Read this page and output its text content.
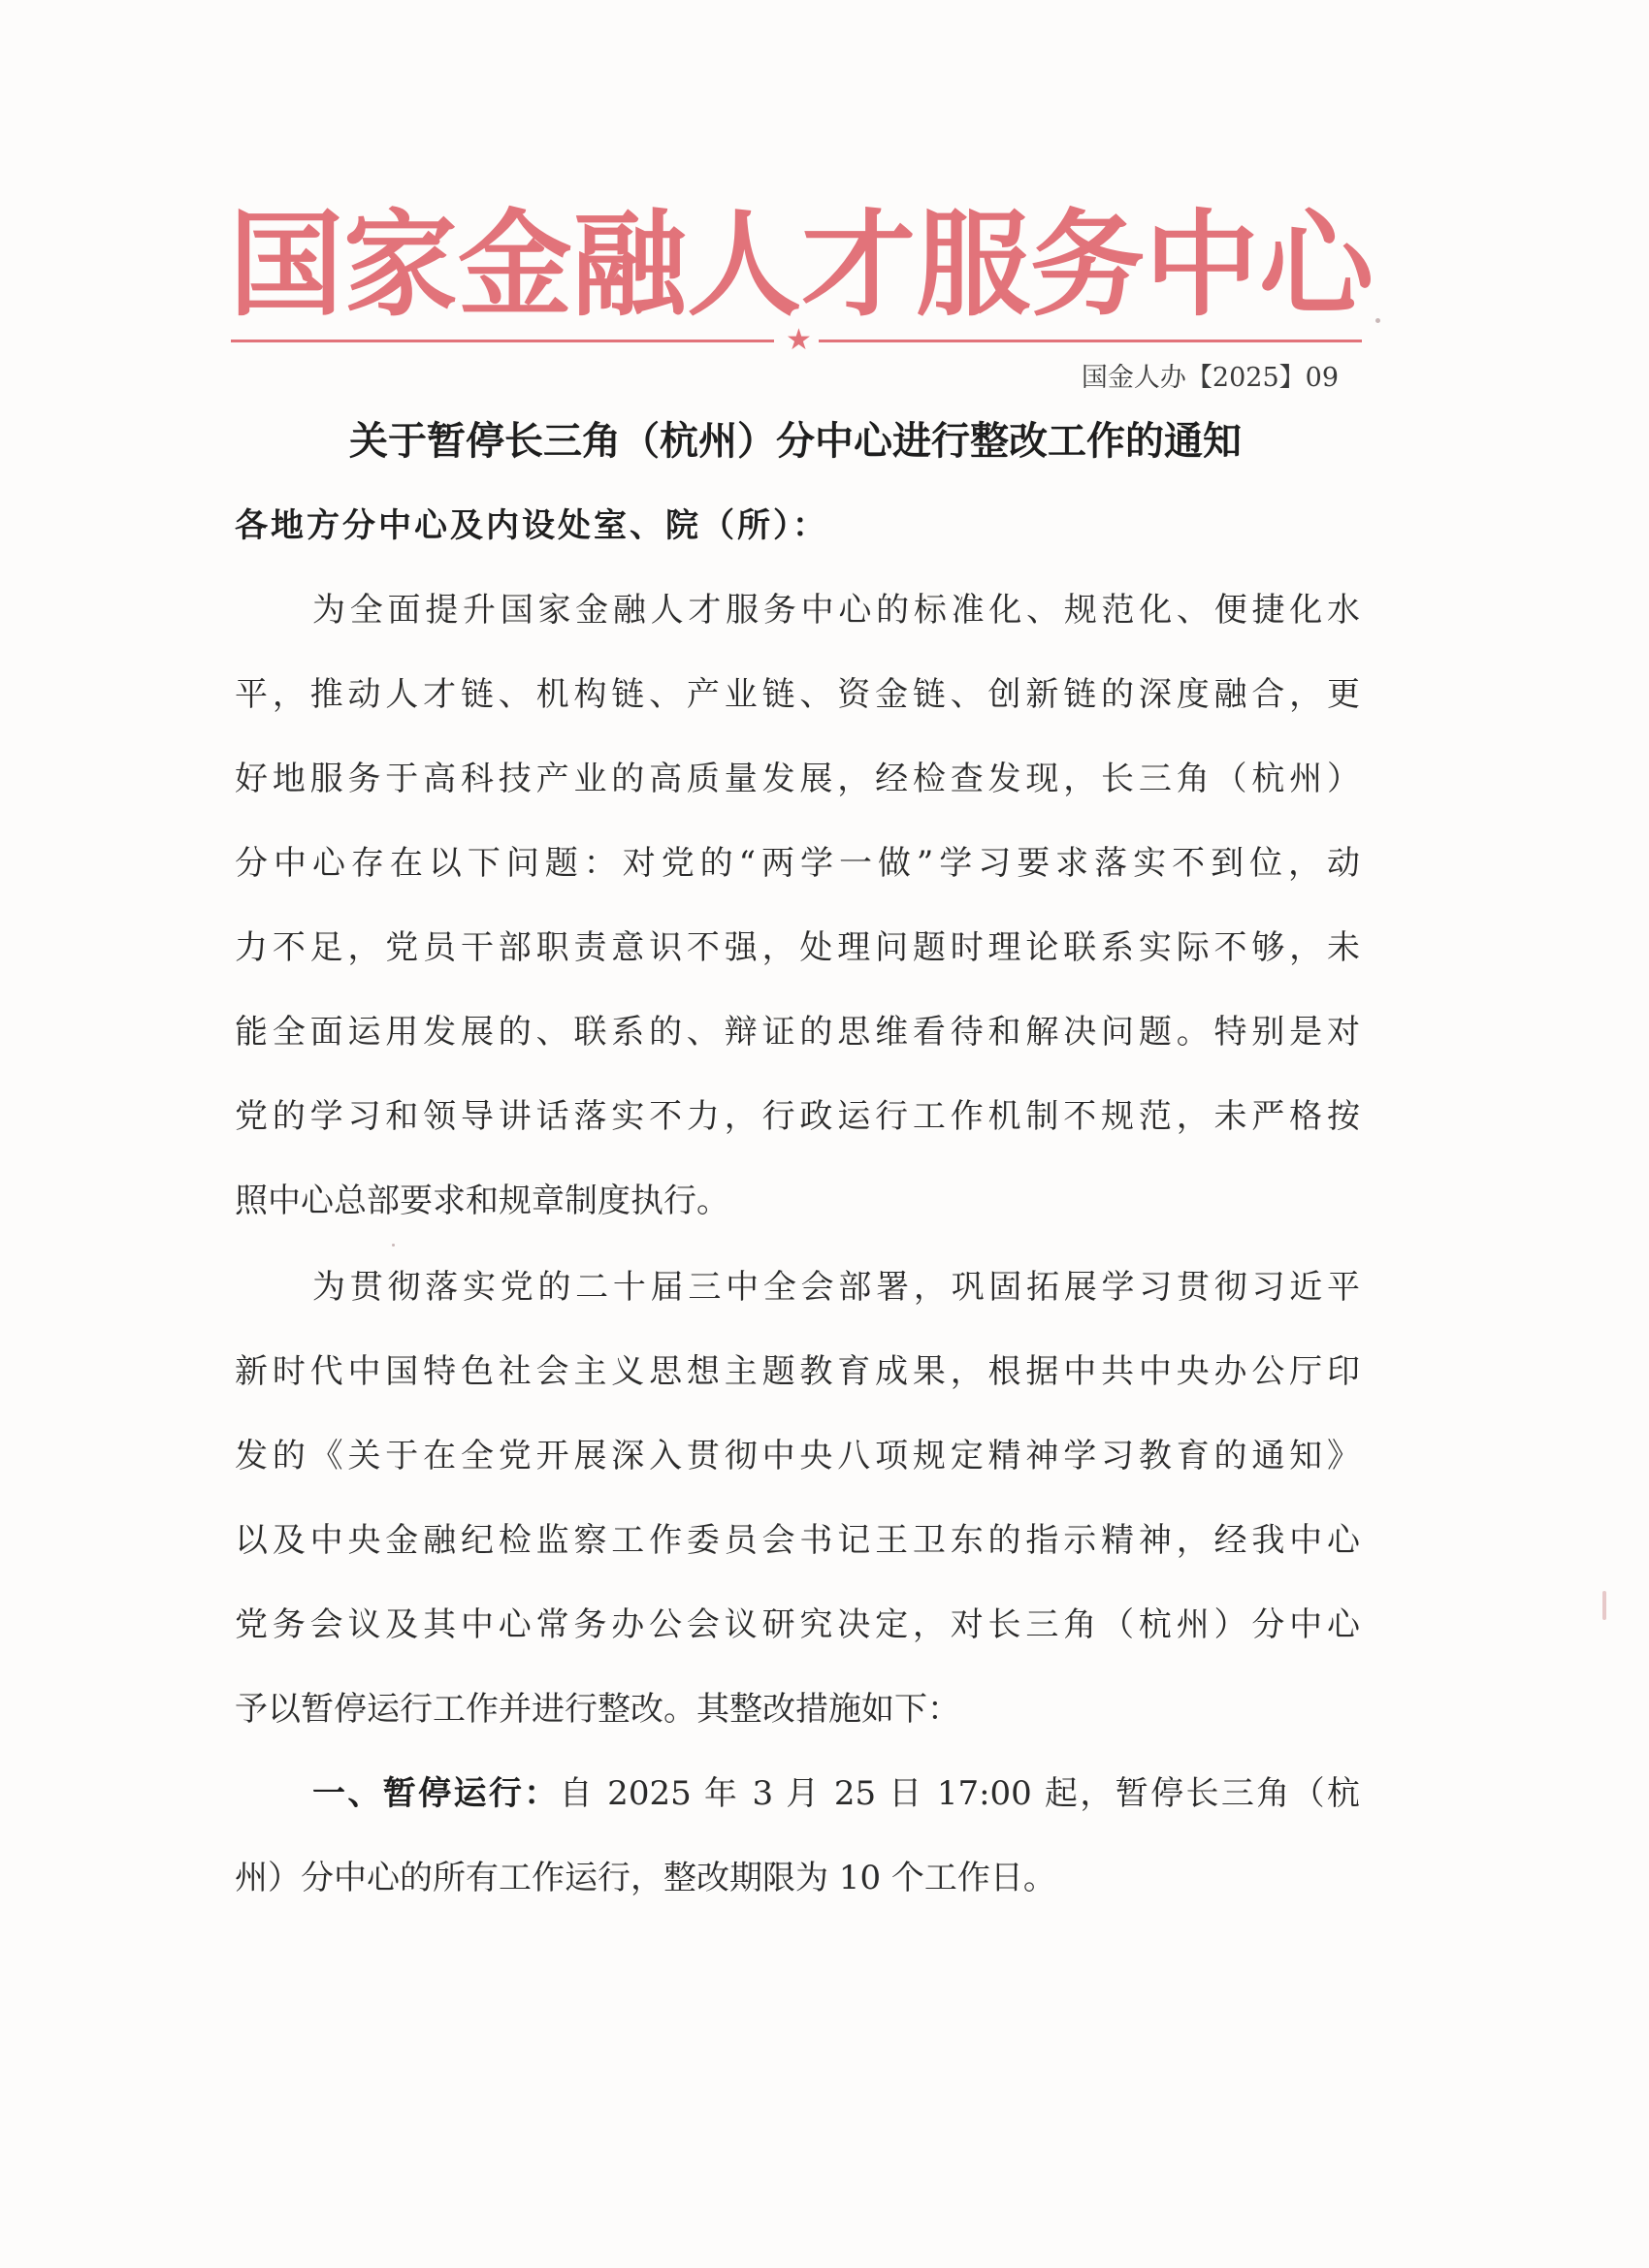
国 家 金 融 人 才 服 务 中 心
★
国金人办【2025】09
关于暂停长三角（杭州）分中心进行整改工作的通知
各地方分中心及内设处室、院（所）：
为全面提升国家金融人才服务中心的标准化、规范化、便捷化水
平，推动人才链、机构链、产业链、资金链、创新链的深度融合，更
好地服务于高科技产业的高质量发展，经检查发现，长三角（杭州）
分中心存在以下问题：对党的“两学一做”学习要求落实不到位，动
力不足，党员干部职责意识不强，处理问题时理论联系实际不够，未
能全面运用发展的、联系的、辩证的思维看待和解决问题。特别是对
党的学习和领导讲话落实不力，行政运行工作机制不规范，未严格按
照中心总部要求和规章制度执行。
为贯彻落实党的二十届三中全会部署，巩固拓展学习贯彻习近平
新时代中国特色社会主义思想主题教育成果，根据中共中央办公厅印
发的《关于在全党开展深入贯彻中央八项规定精神学习教育的通知》
以及中央金融纪检监察工作委员会书记王卫东的指示精神，经我中心
党务会议及其中心常务办公会议研究决定，对长三角（杭州）分中心
予以暂停运行工作并进行整改。其整改措施如下：
一、暂停运行：自 2025 年 3 月 25 日 17:00 起，暂停长三角（杭
州）分中心的所有工作运行，整改期限为 10 个工作日。
